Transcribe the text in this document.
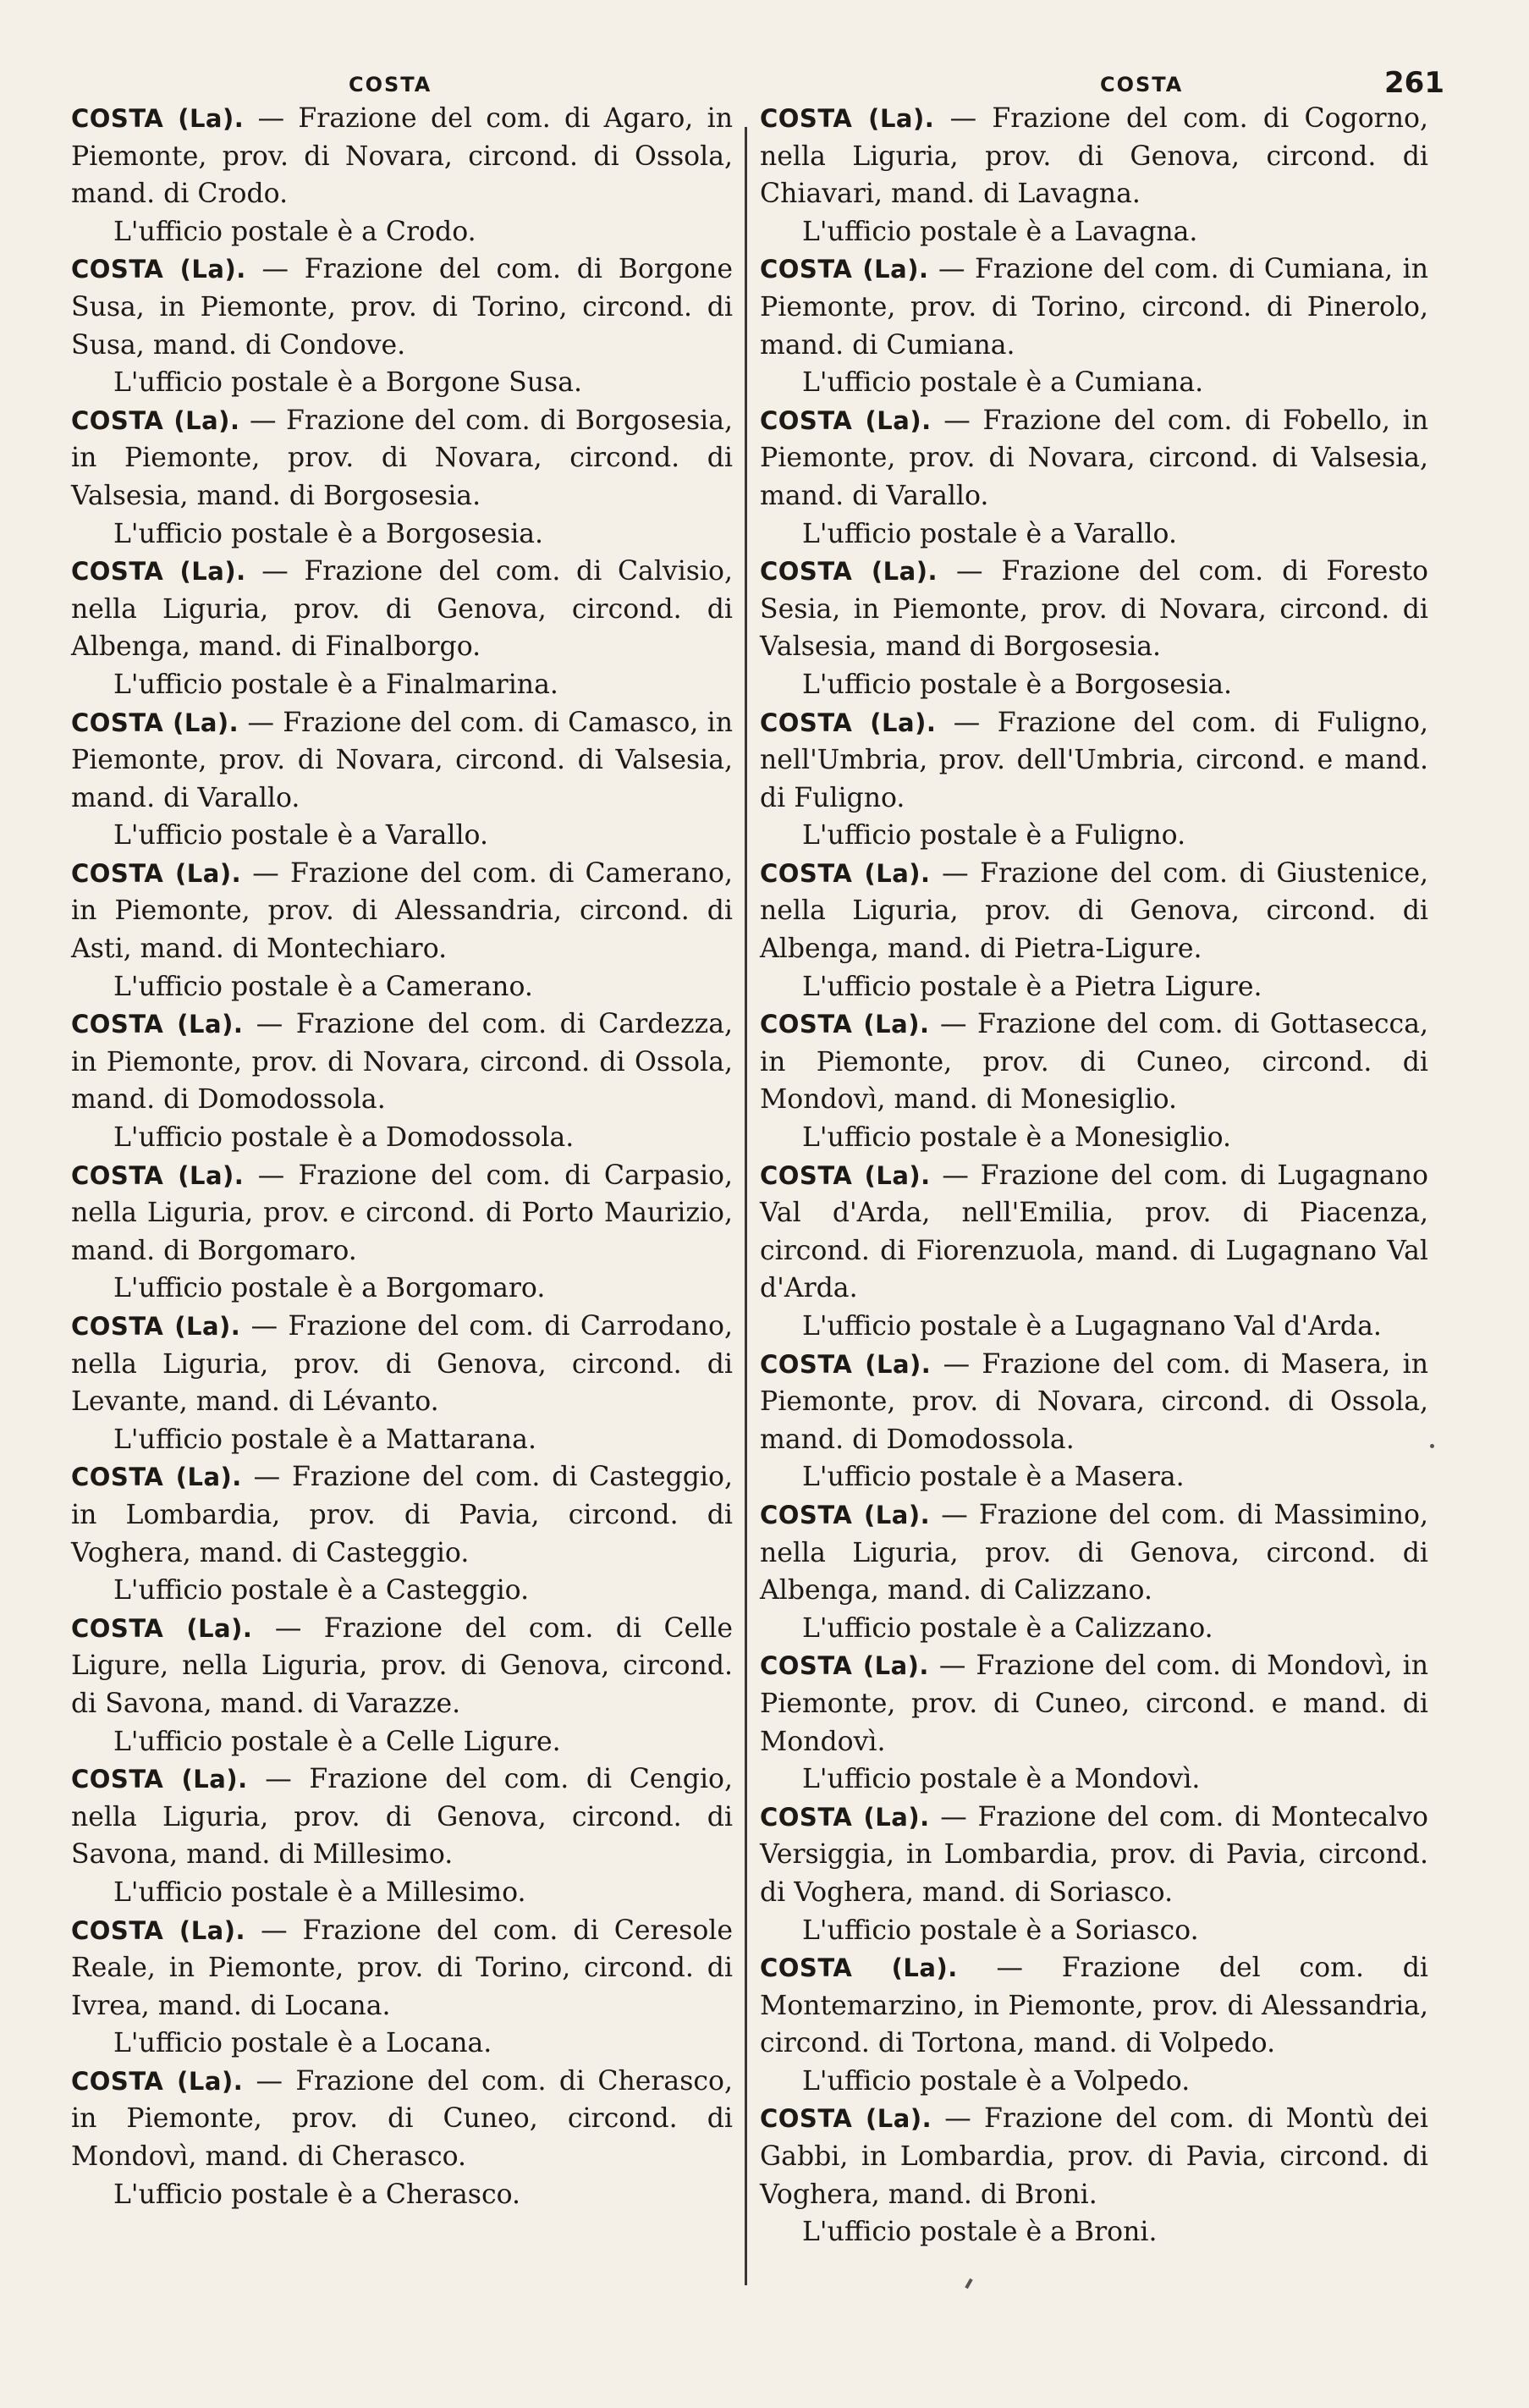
COSTA	COSTA	261

COSTA (La). — Frazione del com. di Agaro, in Piemonte, prov. di Novara, circond. di Ossola, mand. di Crodo.

L'ufficio postale è a Crodo.

COSTA (La). — Frazione del com. di Borgone Susa, in Piemonte, prov. di Torino, circond. di Susa, mand. di Condove.

L'ufficio postale è a Borgone Susa.

COSTA (La). — Frazione del com. di Borgosesia, in Piemonte, prov. di Novara, circond. di Valsesia, mand. di Borgosesia.

L'ufficio postale è a Borgosesia.

COSTA (La). — Frazione del com. di Calvisio, nella Liguria, prov. di Genova, circond. di Albenga, mand. di Finalborgo.

L'ufficio postale è a Finalmarina.

COSTA (La). — Frazione del com. di Camasco, in Piemonte, prov. di Novara, circond. di Valsesia, mand. di Varallo.

L'ufficio postale è a Varallo.

COSTA (La). — Frazione del com. di Camerano, in Piemonte, prov. di Alessandria, circond. di Asti, mand. di Montechiaro.

L'ufficio postale è a Camerano.

COSTA (La). — Frazione del com. di Cardezza, in Piemonte, prov. di Novara, circond. di Ossola, mand. di Domodossola.

L'ufficio postale è a Domodossola.

COSTA (La). — Frazione del com. di Carpasio, nella Liguria, prov. e circond. di Porto Maurizio, mand. di Borgomaro.

L'ufficio postale è a Borgomaro.

COSTA (La). — Frazione del com. di Carrodano, nella Liguria, prov. di Genova, circond. di Levante, mand. di Lévanto.

L'ufficio postale è a Mattarana.

COSTA (La). — Frazione del com. di Casteggio, in Lombardia, prov. di Pavia, circond. di Voghera, mand. di Casteggio.

L'ufficio postale è a Casteggio.

COSTA (La). — Frazione del com. di Celle Ligure, nella Liguria, prov. di Genova, circond. di Savona, mand. di Varazze.

L'ufficio postale è a Celle Ligure.

COSTA (La). — Frazione del com. di Cengio, nella Liguria, prov. di Genova, circond. di Savona, mand. di Millesimo.

L'ufficio postale è a Millesimo.

COSTA (La). — Frazione del com. di Ceresole Reale, in Piemonte, prov. di Torino, circond. di Ivrea, mand. di Locana.

L'ufficio postale è a Locana.

COSTA (La). — Frazione del com. di Cherasco, in Piemonte, prov. di Cuneo, circond. di Mondovì, mand. di Cherasco.

L'ufficio postale è a Cherasco.

COSTA (La). — Frazione del com. di Cogorno, nella Liguria, prov. di Genova, circond. di Chiavari, mand. di Lavagna.

L'ufficio postale è a Lavagna.

COSTA (La). — Frazione del com. di Cumiana, in Piemonte, prov. di Torino, circond. di Pinerolo, mand. di Cumiana.

L'ufficio postale è a Cumiana.

COSTA (La). — Frazione del com. di Fobello, in Piemonte, prov. di Novara, circond. di Valsesia, mand. di Varallo.

L'ufficio postale è a Varallo.

COSTA (La). — Frazione del com. di Foresto Sesia, in Piemonte, prov. di Novara, circond. di Valsesia, mand di Borgosesia.

L'ufficio postale è a Borgosesia.

COSTA (La). — Frazione del com. di Fuligno, nell'Umbria, prov. dell'Umbria, circond. e mand. di Fuligno.

L'ufficio postale è a Fuligno.

COSTA (La). — Frazione del com. di Giustenice, nella Liguria, prov. di Genova, circond. di Albenga, mand. di Pietra-Ligure.

L'ufficio postale è a Pietra Ligure.

COSTA (La). — Frazione del com. di Gottasecca, in Piemonte, prov. di Cuneo, circond. di Mondovì, mand. di Monesiglio.

L'ufficio postale è a Monesiglio.

COSTA (La). — Frazione del com. di Lugagnano Val d'Arda, nell'Emilia, prov. di Piacenza, circond. di Fiorenzuola, mand. di Lugagnano Val d'Arda.

L'ufficio postale è a Lugagnano Val d'Arda.

COSTA (La). — Frazione del com. di Masera, in Piemonte, prov. di Novara, circond. di Ossola, mand. di Domodossola.

L'ufficio postale è a Masera.

COSTA (La). — Frazione del com. di Massimino, nella Liguria, prov. di Genova, circond. di Albenga, mand. di Calizzano.

L'ufficio postale è a Calizzano.

COSTA (La). — Frazione del com. di Mondovì, in Piemonte, prov. di Cuneo, circond. e mand. di Mondovì.

L'ufficio postale è a Mondovì.

COSTA (La). — Frazione del com. di Montecalvo Versiggia, in Lombardia, prov. di Pavia, circond. di Voghera, mand. di Soriasco.

L'ufficio postale è a Soriasco.

COSTA (La). — Frazione del com. di Montemarzino, in Piemonte, prov. di Alessandria, circond. di Tortona, mand. di Volpedo.

L'ufficio postale è a Volpedo.

COSTA (La). — Frazione del com. di Montù dei Gabbi, in Lombardia, prov. di Pavia, circond. di Voghera, mand. di Broni.

L'ufficio postale è a Broni.
